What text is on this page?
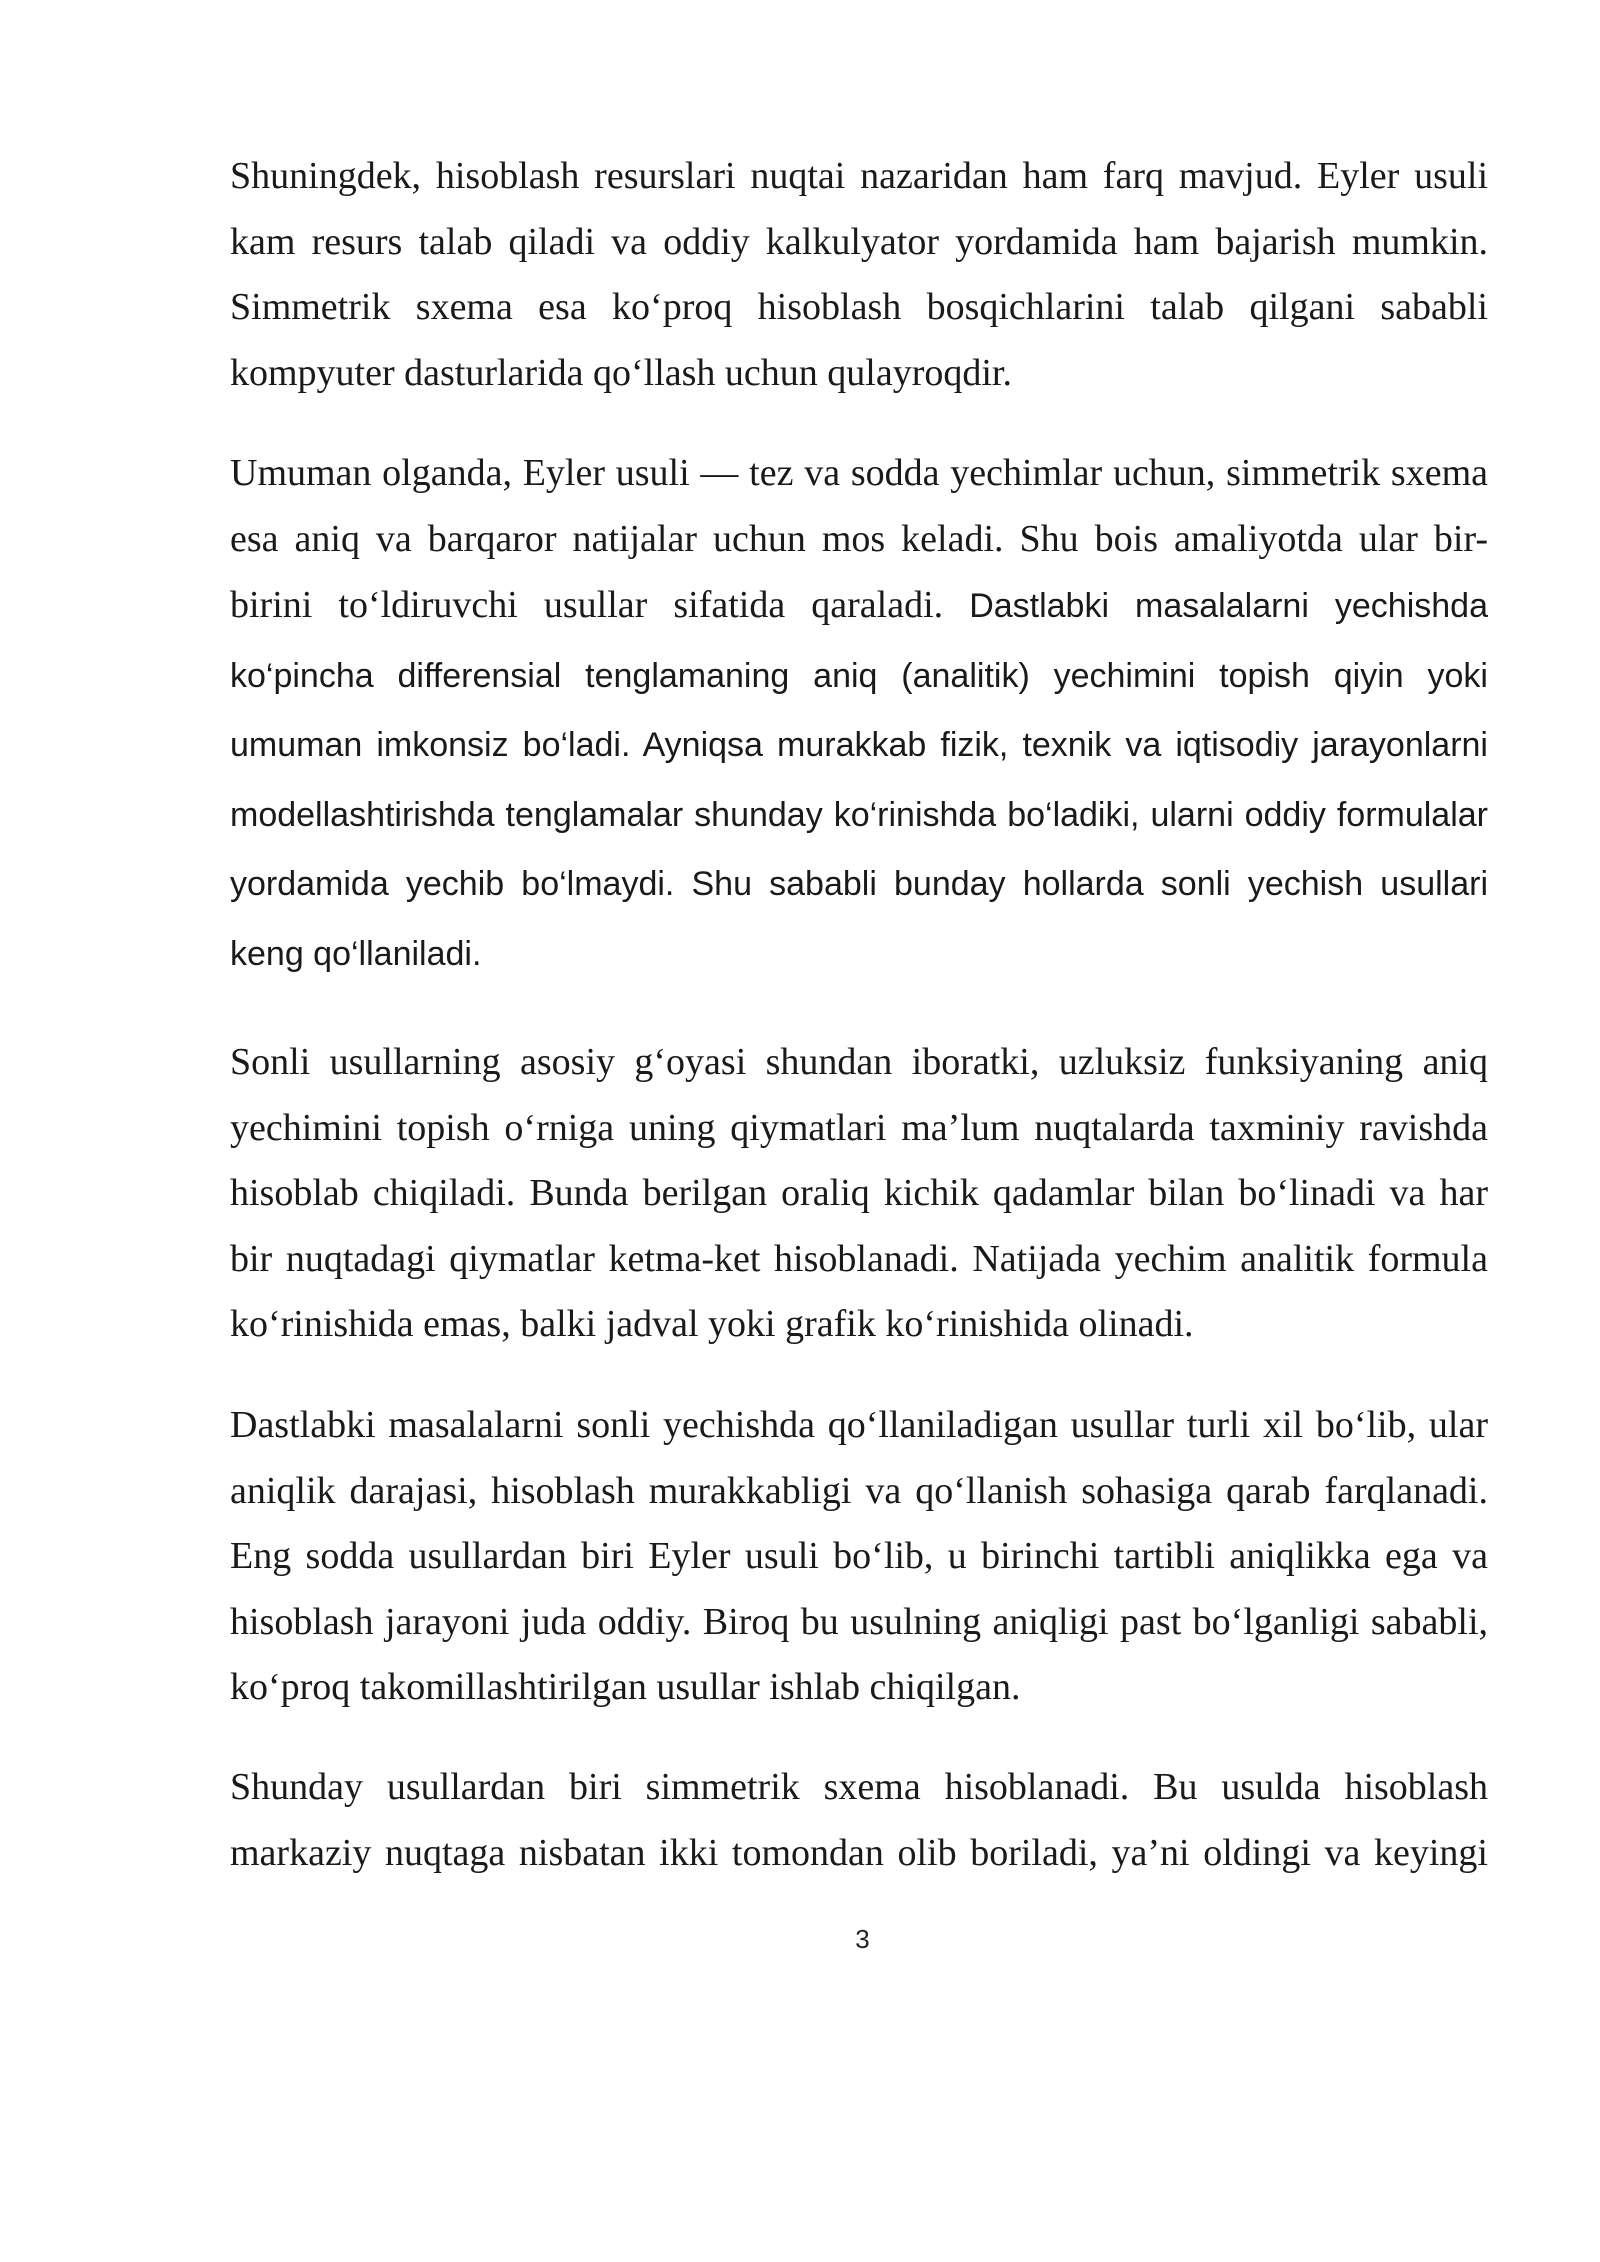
Shuningdek, hisoblash resurslari nuqtai nazaridan ham farq mavjud. Eyler usuli kam resurs talab qiladi va oddiy kalkulyator yordamida ham bajarish mumkin. Simmetrik sxema esa ko‘proq hisoblash bosqichlarini talab qilgani sababli kompyuter dasturlarida qo‘llash uchun qulayroqdir.

Umuman olganda, Eyler usuli — tez va sodda yechimlar uchun, simmetrik sxema esa aniq va barqaror natijalar uchun mos keladi. Shu bois amaliyotda ular bir-birini to‘ldiruvchi usullar sifatida qaraladi. Dastlabki masalalarni yechishda ko‘pincha differensial tenglamaning aniq (analitik) yechimini topish qiyin yoki umuman imkonsiz bo‘ladi. Ayniqsa murakkab fizik, texnik va iqtisodiy jarayonlarni modellashtirishda tenglamalar shunday ko‘rinishda bo‘ladiki, ularni oddiy formulalar yordamida yechib bo‘lmaydi. Shu sababli bunday hollarda sonli yechish usullari keng qo‘llaniladi.

Sonli usullarning asosiy g‘oyasi shundan iboratki, uzluksiz funksiyaning aniq yechimini topish o‘rniga uning qiymatlari ma’lum nuqtalarda taxminiy ravishda hisoblab chiqiladi. Bunda berilgan oraliq kichik qadamlar bilan bo‘linadi va har bir nuqtadagi qiymatlar ketma-ket hisoblanadi. Natijada yechim analitik formula ko‘rinishida emas, balki jadval yoki grafik ko‘rinishida olinadi.

Dastlabki masalalarni sonli yechishda qo‘llaniladigan usullar turli xil bo‘lib, ular aniqlik darajasi, hisoblash murakkabligi va qo‘llanish sohasiga qarab farqlanadi. Eng sodda usullardan biri Eyler usuli bo‘lib, u birinchi tartibli aniqlikka ega va hisoblash jarayoni juda oddiy. Biroq bu usulning aniqligi past bo‘lganligi sababli, ko‘proq takomillashtirilgan usullar ishlab chiqilgan.

Shunday usullardan biri simmetrik sxema hisoblanadi. Bu usulda hisoblash markaziy nuqtaga nisbatan ikki tomondan olib boriladi, ya’ni oldingi va keyingi

3
